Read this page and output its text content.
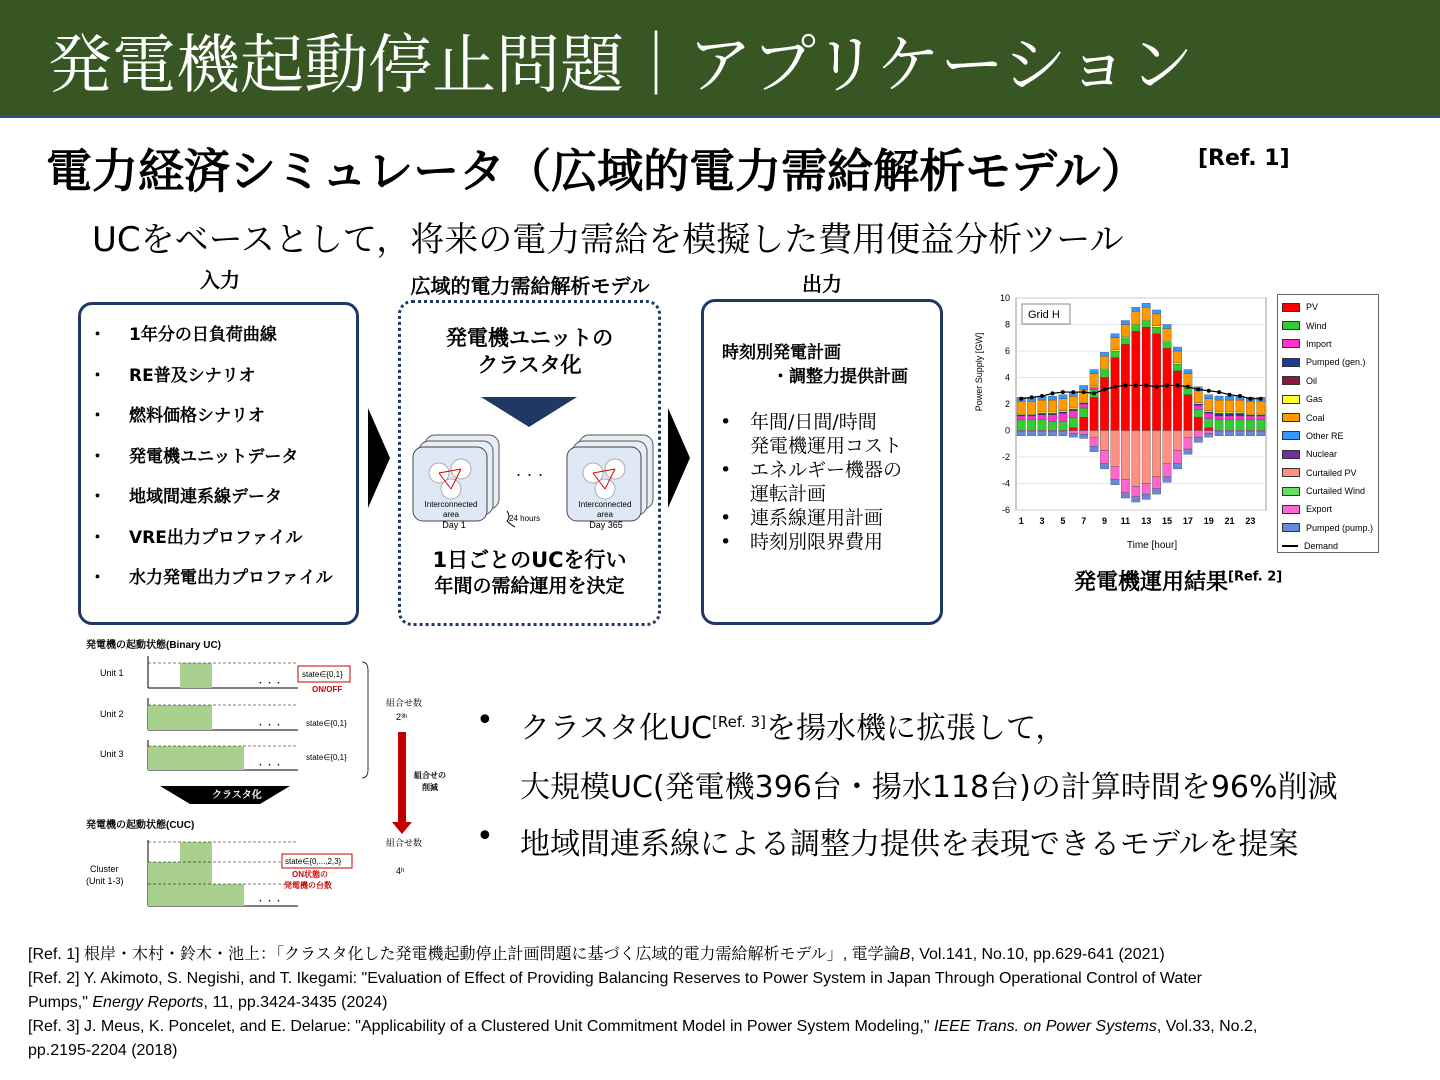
発電機起動停止問題｜アプリケーション
電力経済シミュレータ（広域的電力需給解析モデル） [Ref. 1]
UCをベースとして，将来の電力需給を模擬した費用便益分析ツール
入力	広域的電力需給解析モデル	出力
・ 1年分の日負荷曲線
・ RE普及シナリオ
・ 燃料価格シナリオ
・ 発電機ユニットデータ
・ 地域間連系線データ
・ VRE出力プロファイル
・ 水力発電出力プロファイル
発電機ユニットの
クラスタ化
Interconnected
area
Interconnected
area
Day 1	Day 365
24 hours
・・・
1日ごとのUCを行い
年間の需給運用を決定
時刻別発電計画
・調整力提供計画
• 年間/日間/時間
発電機運用コスト
• エネルギー機器の
運転計画
• 連系線運用計画
• 時刻別限界費用
10
8
6
4
2
0
-2
-4
-6
1 3 5 7 9 11 13 15 17 19 21 23
Grid H
Time [hour]
Power Supply [GW]
PV
Wind
Import
Pumped (gen.)
Oil
Gas
Coal
Other RE
Nuclear
Curtailed PV
Curtailed Wind
Export
Pumped (pump.)
Demand
発電機運用結果[Ref. 2]
発電機の起動状態(Binary UC)
Unit 1
Unit 2
Unit 3
・・・
・・・
・・・
state∈{0,1}
ON/OFF
state∈{0,1}
state∈{0,1}
組合せ数
2³ʰ
組合せの
削減
クラスタ化
発電機の起動状態(CUC)
Cluster
(Unit 1-3)
・・・
state∈{0,...,2,3}
ON状態の
発電機の台数
組合せ数
4ʰ
• クラスタ化UC[Ref. 3]を揚水機に拡張して，
大規模UC(発電機396台・揚水118台)の計算時間を96%削減
• 地域間連系線による調整力提供を表現できるモデルを提案
[Ref. 1] 根岸・木村・鈴木・池上：「クラスタ化した発電機起動停止計画問題に基づく広域的電力需給解析モデル」, 電学論B, Vol.141, No.10, pp.629-641 (2021)
[Ref. 2] Y. Akimoto, S. Negishi, and T. Ikegami: "Evaluation of Effect of Providing Balancing Reserves to Power System in Japan Through Operational Control of Water
Pumps," Energy Reports, 11, pp.3424-3435 (2024)
[Ref. 3] J. Meus, K. Poncelet, and E. Delarue: "Applicability of a Clustered Unit Commitment Model in Power System Modeling," IEEE Trans. on Power Systems, Vol.33, No.2,
pp.2195-2204 (2018)
